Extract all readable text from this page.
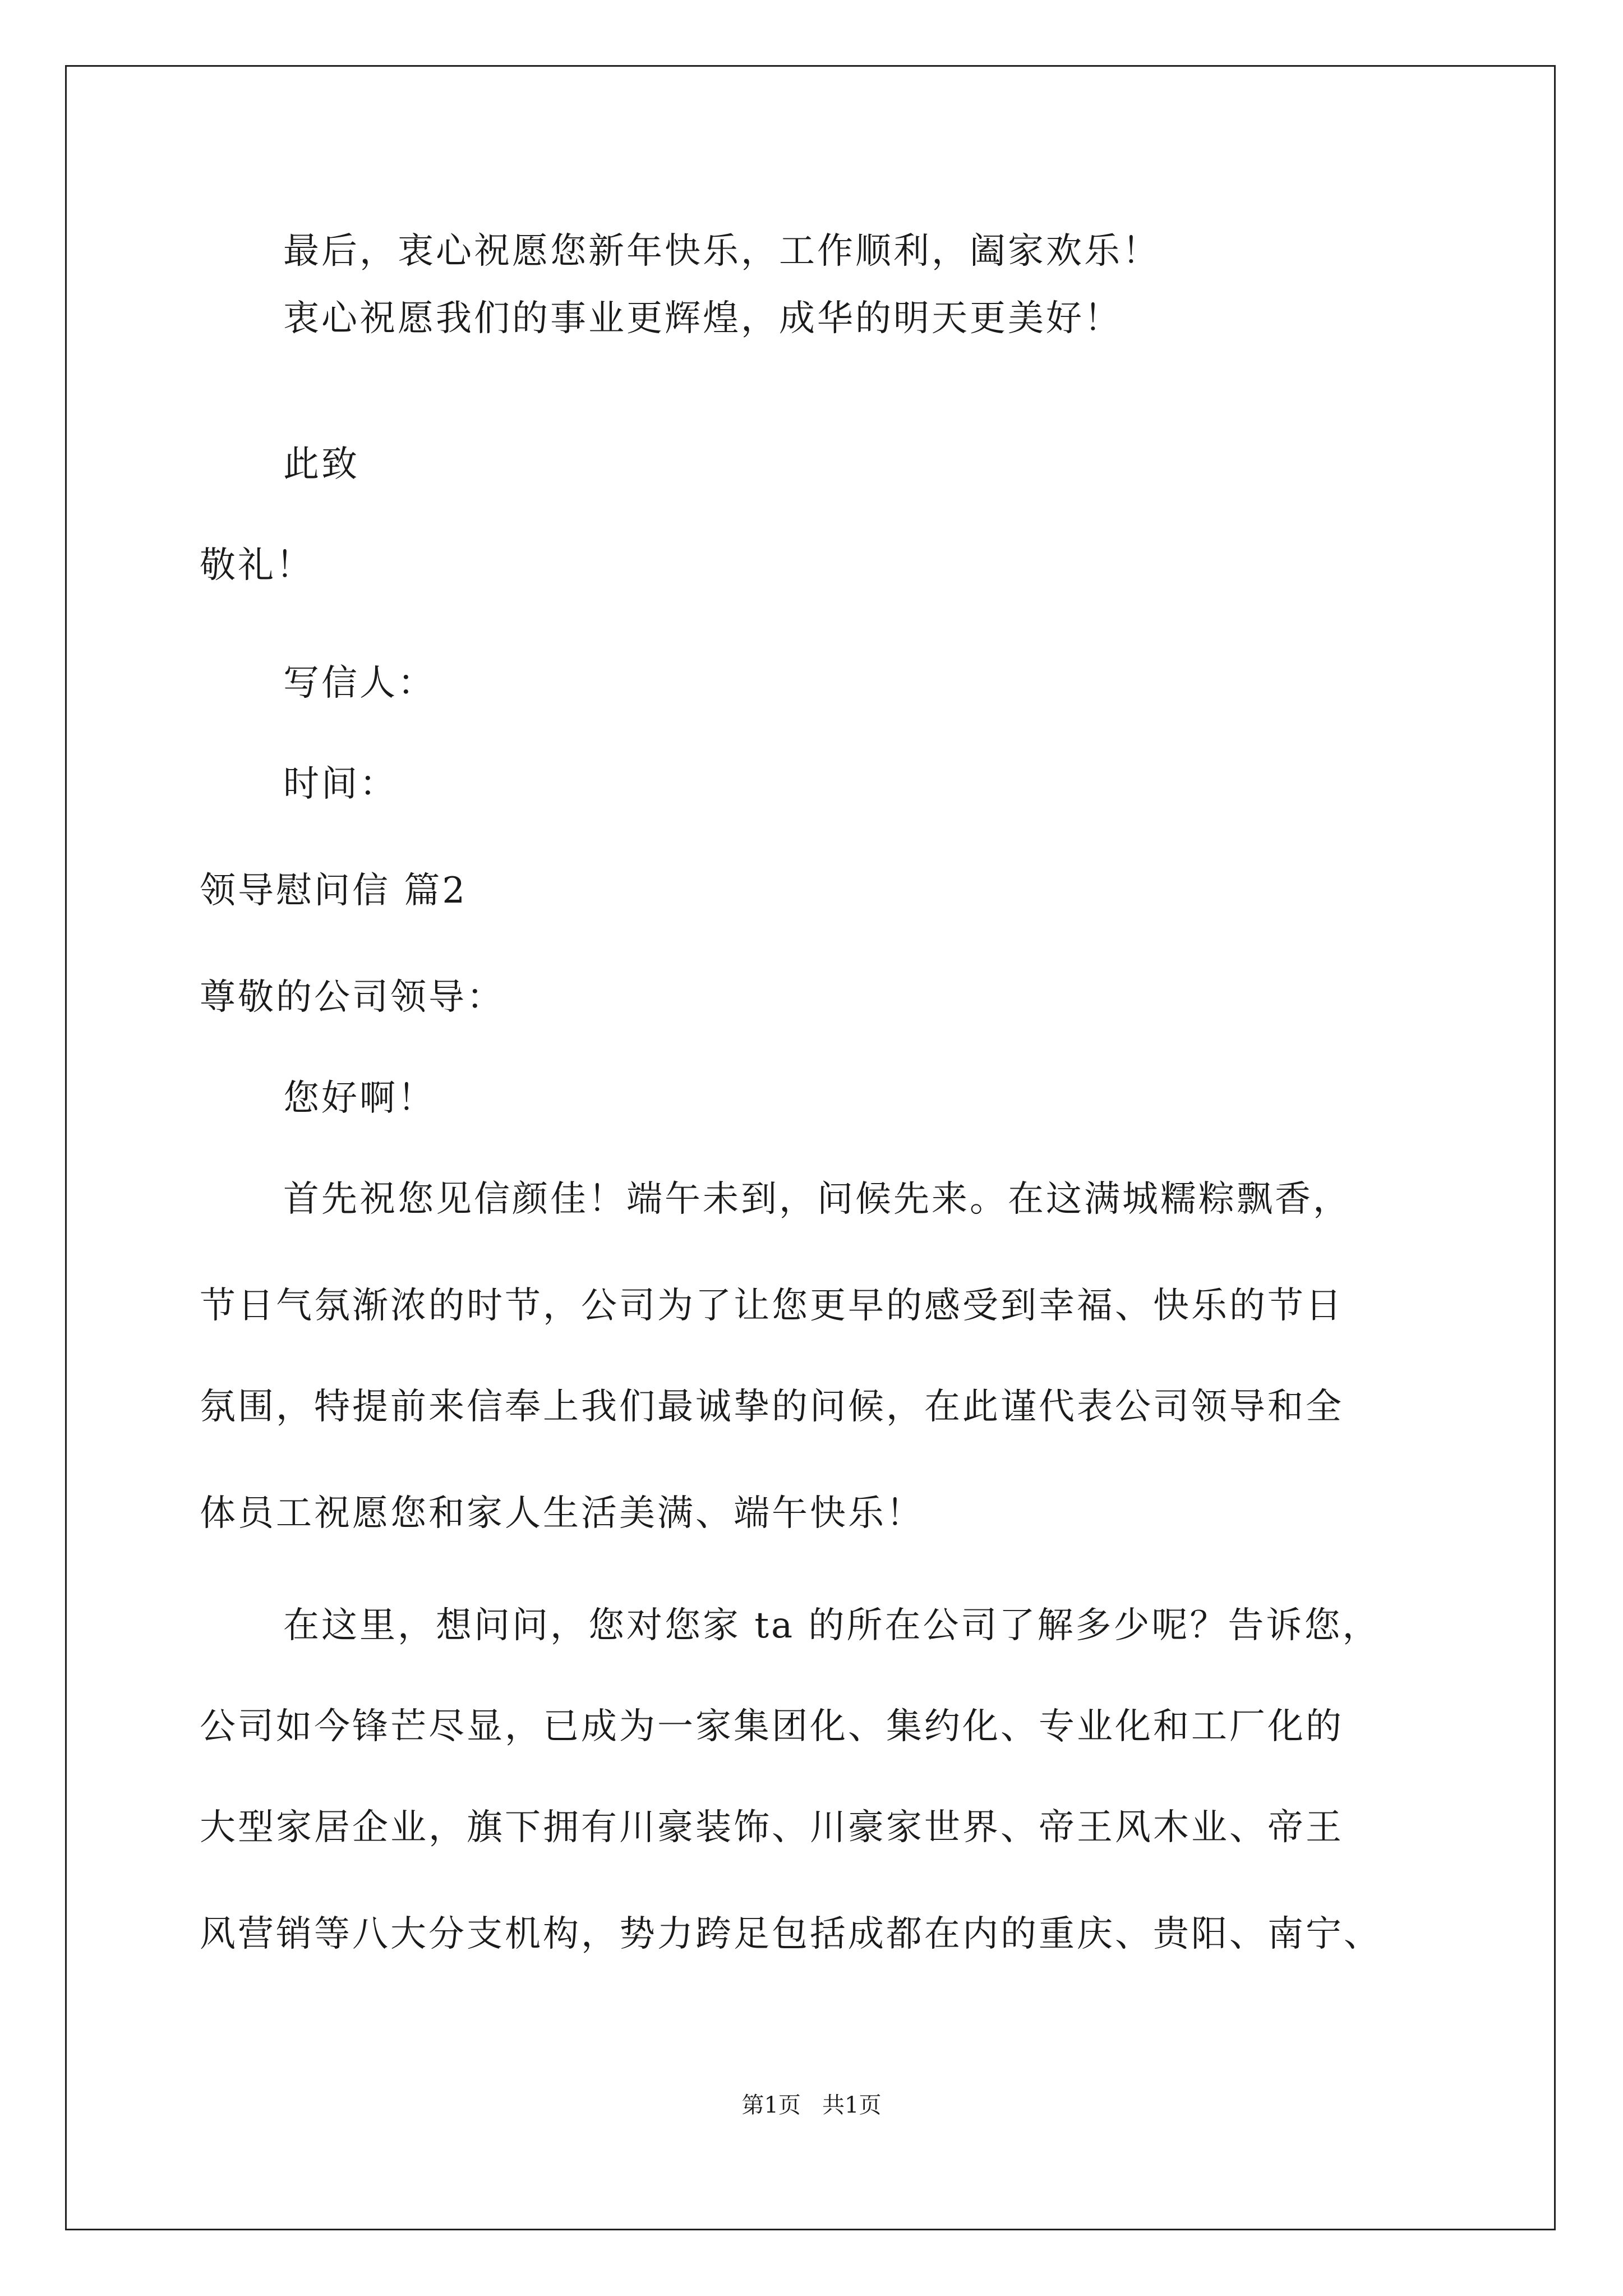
最后，衷心祝愿您新年快乐，工作顺利，阖家欢乐！
衷心祝愿我们的事业更辉煌，成华的明天更美好！
此致
敬礼！
写信人：
时间：
领导慰问信 篇2
尊敬的公司领导：
您好啊！
首先祝您见信颜佳！端午未到，问候先来。在这满城糯粽飘香，
节日气氛渐浓的时节，公司为了让您更早的感受到幸福、快乐的节日
氛围，特提前来信奉上我们最诚挚的问候，在此谨代表公司领导和全
体员工祝愿您和家人生活美满、端午快乐！
在这里，想问问，您对您家 ta 的所在公司了解多少呢？告诉您，
公司如今锋芒尽显，已成为一家集团化、集约化、专业化和工厂化的
大型家居企业，旗下拥有川豪装饰、川豪家世界、帝王风木业、帝王
风营销等八大分支机构，势力跨足包括成都在内的重庆、贵阳、南宁、
第1页   共1页
